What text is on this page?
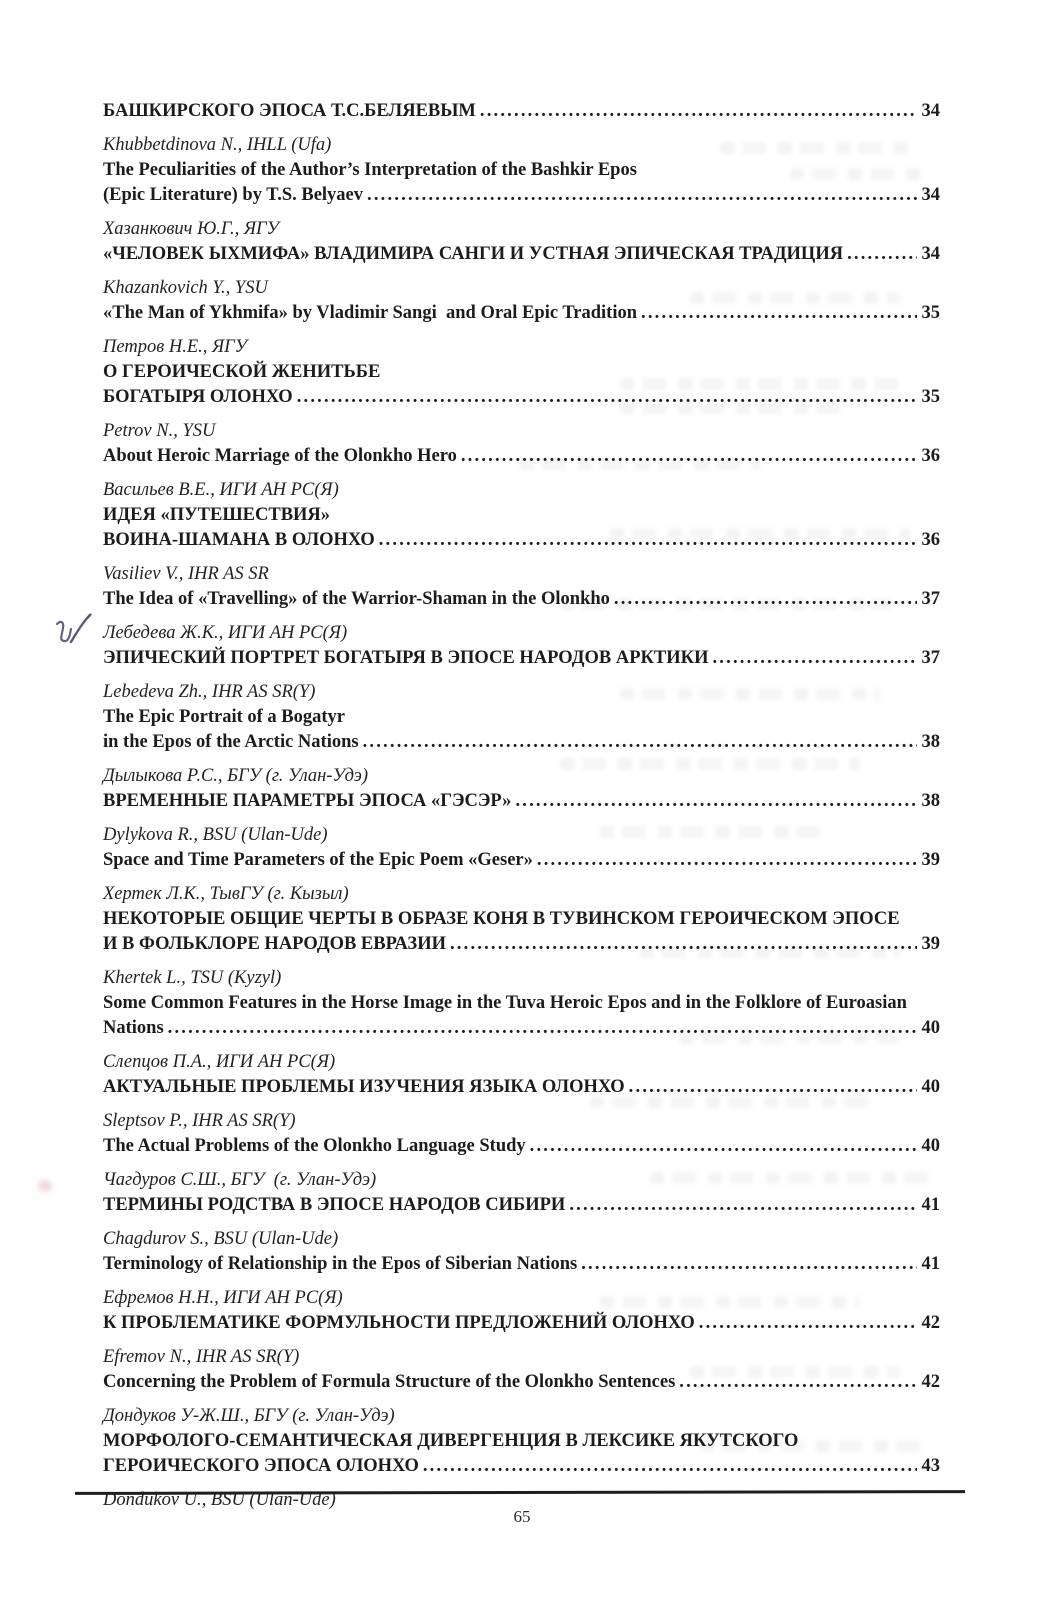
БАШКИРСКОГО ЭПОСА Т.С.БЕЛЯЕВЫМ .....	34
Khubbetdinova N., IHLL (Ufa)
The Peculiarities of the Author’s Interpretation of the Bashkir Epos
(Epic Literature) by T.S. Belyaev .....	34
Хазанкович Ю.Г., ЯГУ
«ЧЕЛОВЕК ЫХМИФА» ВЛАДИМИРА САНГИ И УСТНАЯ ЭПИЧЕСКАЯ ТРАДИЦИЯ .....	34
Khazankovich Y., YSU
«The Man of Ykhmifa» by Vladimir Sangi  and Oral Epic Tradition .....	35
Петров Н.Е., ЯГУ
О ГЕРОИЧЕСКОЙ ЖЕНИТЬБЕ
БОГАТЫРЯ ОЛОНХО .....	35
Petrov N., YSU
About Heroic Marriage of the Olonkho Hero .....	36
Васильев В.Е., ИГИ АН РС(Я)
ИДЕЯ «ПУТЕШЕСТВИЯ»
ВОИНА-ШАМАНА В ОЛОНХО .....	36
Vasiliev V., IHR AS SR
The Idea of «Travelling» of the Warrior-Shaman in the Olonkho .....	37
Лебедева Ж.К., ИГИ АН РС(Я)
ЭПИЧЕСКИЙ ПОРТРЕТ БОГАТЫРЯ В ЭПОСЕ НАРОДОВ АРКТИКИ .....	37
Lebedeva Zh., IHR AS SR(Y)
The Epic Portrait of a Bogatyr
in the Epos of the Arctic Nations .....	38
Дылыкова Р.С., БГУ (г. Улан-Удэ)
ВРЕМЕННЫЕ ПАРАМЕТРЫ ЭПОСА «ГЭСЭР» .....	38
Dylykova R., BSU (Ulan-Ude)
Space and Time Parameters of the Epic Poem «Geser» .....	39
Хертек Л.К., ТывГУ (г. Кызыл)
НЕКОТОРЫЕ ОБЩИЕ ЧЕРТЫ В ОБРАЗЕ КОНЯ В ТУВИНСКОМ ГЕРОИЧЕСКОМ ЭПОСЕ
И В ФОЛЬКЛОРЕ НАРОДОВ ЕВРАЗИИ .....	39
Khertek L., TSU (Kyzyl)
Some Common Features in the Horse Image in the Tuva Heroic Epos and in the Folklore of Euroasian
Nations .....	40
Слепцов П.А., ИГИ АН РС(Я)
АКТУАЛЬНЫЕ ПРОБЛЕМЫ ИЗУЧЕНИЯ ЯЗЫКА ОЛОНХО .....	40
Sleptsov P., IHR AS SR(Y)
The Actual Problems of the Olonkho Language Study .....	40
Чагдуров С.Ш., БГУ  (г. Улан-Удэ)
ТЕРМИНЫ РОДСТВА В ЭПОСЕ НАРОДОВ СИБИРИ .....	41
Chagdurov S., BSU (Ulan-Ude)
Terminology of Relationship in the Epos of Siberian Nations .....	41
Ефремов Н.Н., ИГИ АН РС(Я)
К ПРОБЛЕМАТИКЕ ФОРМУЛЬНОСТИ ПРЕДЛОЖЕНИЙ ОЛОНХО .....	42
Efremov N., IHR AS SR(Y)
Concerning the Problem of Formula Structure of the Olonkho Sentences .....	42
Дондуков У-Ж.Ш., БГУ (г. Улан-Удэ)
МОРФОЛОГО-СЕМАНТИЧЕСКАЯ ДИВЕРГЕНЦИЯ В ЛЕКСИКЕ ЯКУТСКОГО
ГЕРОИЧЕСКОГО ЭПОСА ОЛОНХО .....	43
Dondukov U., BSU (Ulan-Ude)
65
